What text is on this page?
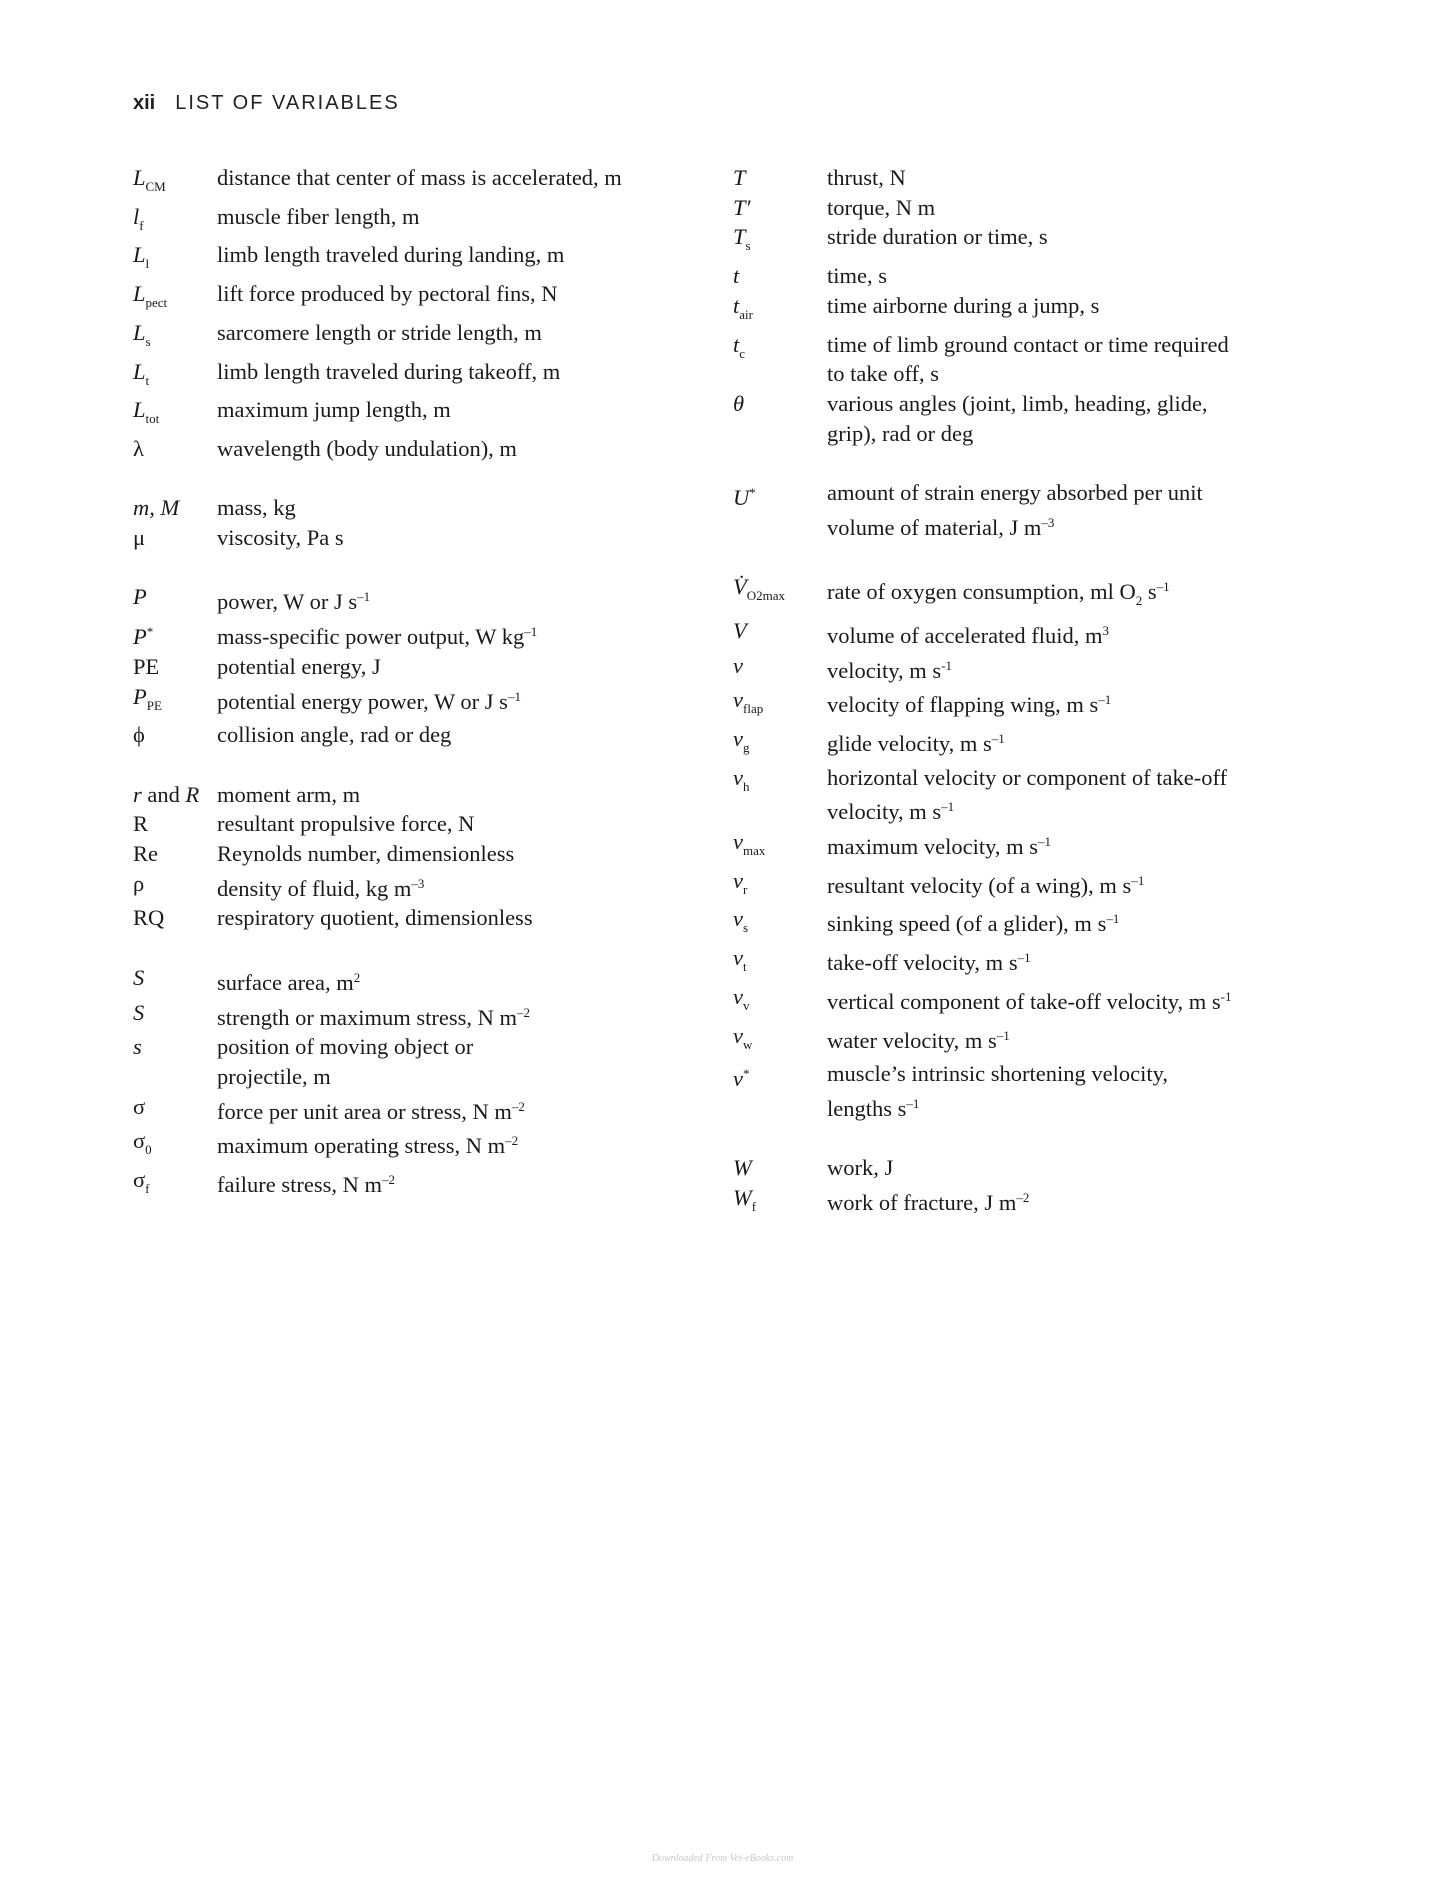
xii LIST OF VARIABLES
$L_{CM}$	distance that center of mass is accelerated, m
$l_f$	muscle fiber length, m
$L_l$	limb length traveled during landing, m
$L_{pect}$	lift force produced by pectoral fins, N
$L_s$	sarcomere length or stride length, m
$L_t$	limb length traveled during takeoff, m
$L_{tot}$	maximum jump length, m
λ	wavelength (body undulation), m
m, M	mass, kg
μ	viscosity, Pa s
P	power, W or J $s^{-1}$
P*	mass-specific power output, W $kg^{-1}$
PE	potential energy, J
$P_{PE}$	potential energy power, W or J $s^{-1}$
ϕ	collision angle, rad or deg
r and R moment arm, m
R	resultant propulsive force, N
Re	Reynolds number, dimensionless
ρ	density of fluid, kg $m^{-3}$
RQ	respiratory quotient, dimensionless
S	surface area, $m^2$
S	strength or maximum stress, N $m^{-2}$
s	position of moving object or
projectile, m
σ	force per unit area or stress, N $m^{-2}$
$\sigma_0$	maximum operating stress, N $m^{-2}$
$\sigma_f$	failure stress, N $m^{-2}$
T	thrust, N
T′	torque, N m
$T_s$	stride duration or time, s
t	time, s
$t_{air}$	time airborne during a jump, s
$t_c$	time of limb ground contact or time required
to take off, s
θ	various angles (joint, limb, heading, glide,
grip), rad or deg
U*	amount of strain energy absorbed per unit
volume of material, J $m^{-3}$
$V̇_{O2max}$	rate of oxygen consumption, ml $O_2$ $s^{-1}$
V	volume of accelerated fluid, $m^3$
v	velocity, m $s^{-1}$
$v_{flap}$	velocity of flapping wing, m $s^{-1}$
$v_g$	glide velocity, m $s^{-1}$
$v_h$	horizontal velocity or component of take-off
velocity, m $s^{-1}$
$v_{max}$	maximum velocity, m $s^{-1}$
$v_r$	resultant velocity (of a wing), m $s^{-1}$
$v_s$	sinking speed (of a glider), m $s^{-1}$
$v_t$	take-off velocity, m $s^{-1}$
$v_v$	vertical component of take-off velocity, m $s^{-1}$
$v_w$	water velocity, m $s^{-1}$
v*	muscle’s intrinsic shortening velocity,
lengths $s^{-1}$
W	work, J
$W_f$	work of fracture, J $m^{-2}$
Downloaded From Vet-eBooks.com
